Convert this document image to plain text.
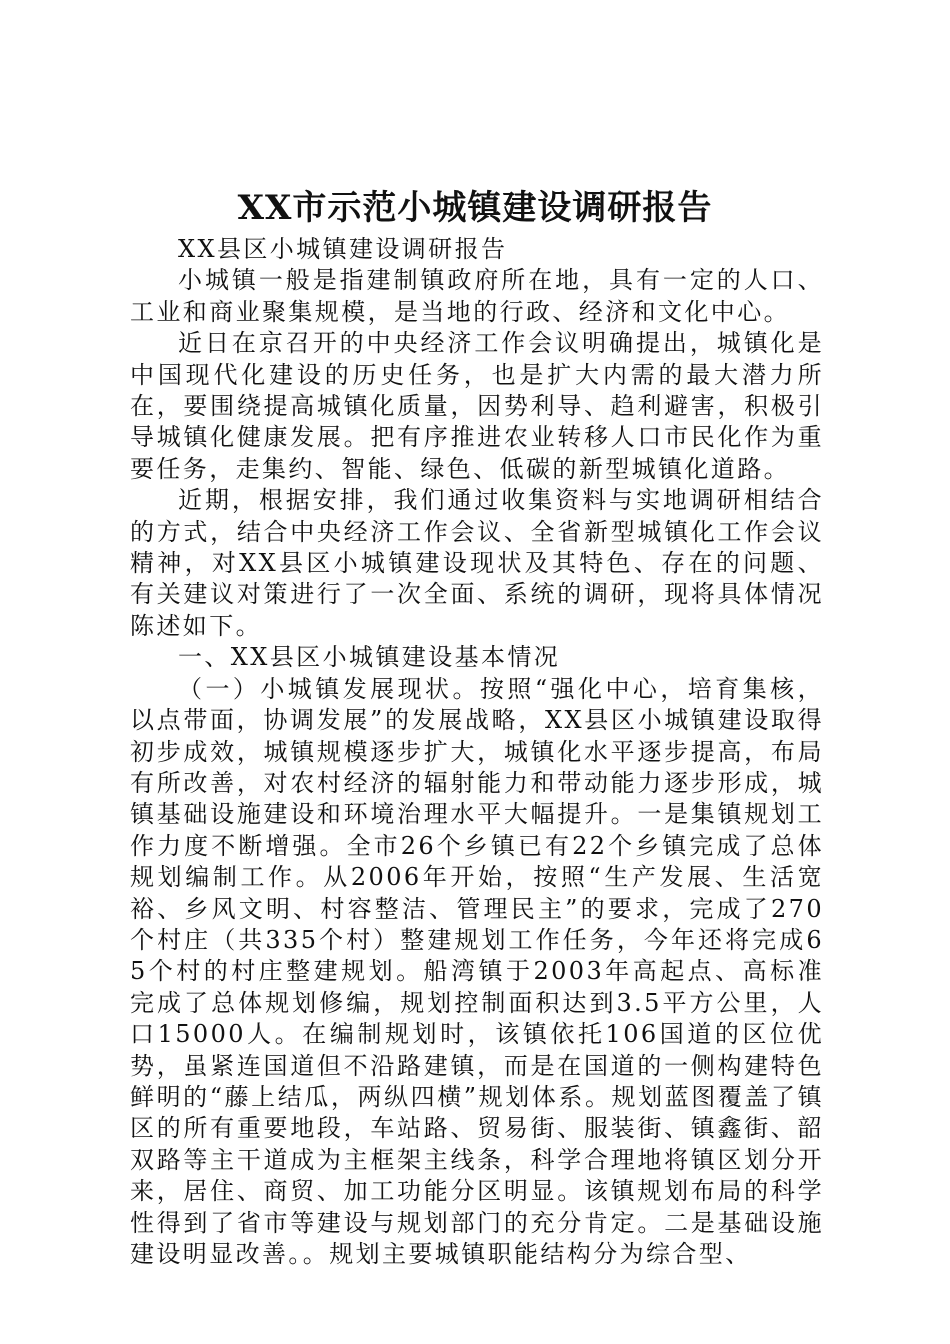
XX市示范小城镇建设调研报告

XX县区小城镇建设调研报告

小城镇一般是指建制镇政府所在地，具有一定的人口、工业和商业聚集规模，是当地的行政、经济和文化中心。

近日在京召开的中央经济工作会议明确提出，城镇化是中国现代化建设的历史任务，也是扩大内需的最大潜力所在，要围绕提高城镇化质量，因势利导、趋利避害，积极引导城镇化健康发展。把有序推进农业转移人口市民化作为重要任务，走集约、智能、绿色、低碳的新型城镇化道路。

近期，根据安排，我们通过收集资料与实地调研相结合的方式，结合中央经济工作会议、全省新型城镇化工作会议精神，对XX县区小城镇建设现状及其特色、存在的问题、有关建议对策进行了一次全面、系统的调研，现将具体情况陈述如下。

一、XX县区小城镇建设基本情况

（一）小城镇发展现状。按照“强化中心，培育集核，以点带面，协调发展”的发展战略，XX县区小城镇建设取得初步成效，城镇规模逐步扩大，城镇化水平逐步提高，布局有所改善，对农村经济的辐射能力和带动能力逐步形成，城镇基础设施建设和环境治理水平大幅提升。一是集镇规划工作力度不断增强。全市26个乡镇已有22个乡镇完成了总体规划编制工作。从2006年开始，按照“生产发展、生活宽裕、乡风文明、村容整洁、管理民主”的要求，完成了270个村庄（共335个村）整建规划工作任务，今年还将完成65个村的村庄整建规划。船湾镇于2003年高起点、高标准完成了总体规划修编，规划控制面积达到3.5平方公里，人口15000人。在编制规划时，该镇依托106国道的区位优势，虽紧连国道但不沿路建镇，而是在国道的一侧构建特色鲜明的“藤上结瓜，两纵四横”规划体系。规划蓝图覆盖了镇区的所有重要地段，车站路、贸易街、服装街、镇鑫街、韶双路等主干道成为主框架主线条，科学合理地将镇区划分开来，居住、商贸、加工功能分区明显。该镇规划布局的科学性得到了省市等建设与规划部门的充分肯定。二是基础设施建设明显改善。。规划主要城镇职能结构分为综合型、
